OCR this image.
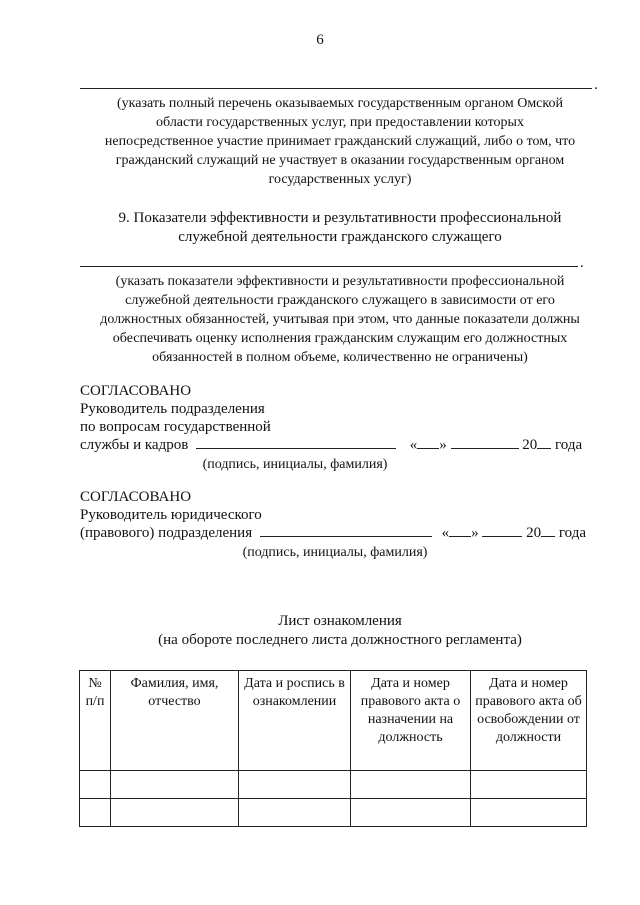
6
.
(указать полный перечень оказываемых государственным органом Омской
области государственных услуг, при предоставлении которых
непосредственное участие принимает гражданский служащий, либо о том, что
гражданский служащий не участвует в оказании государственным органом
государственных услуг)
9. Показатели эффективности и результативности профессиональной
служебной деятельности гражданского служащего
.
(указать показатели эффективности и результативности профессиональной
служебной деятельности гражданского служащего в зависимости от его
должностных обязанностей, учитывая при этом, что данные показатели должны
обеспечивать оценку исполнения гражданским служащим его должностных
обязанностей в полном объеме, количественно не ограничены)
СОГЛАСОВАНО
Руководитель подразделения
по вопросам государственной
службы и кадров	« »	20 года
(подпись, инициалы, фамилия)
СОГЛАСОВАНО
Руководитель юридического
(правового) подразделения	« »	20 года
(подпись, инициалы, фамилия)
Лист ознакомления
(на обороте последнего листа должностного регламента)
№ п/п	Фамилия, имя, отчество	Дата и роспись в ознакомлении	Дата и номер правового акта о назначении на должность	Дата и номер правового акта об освобождении от должности
